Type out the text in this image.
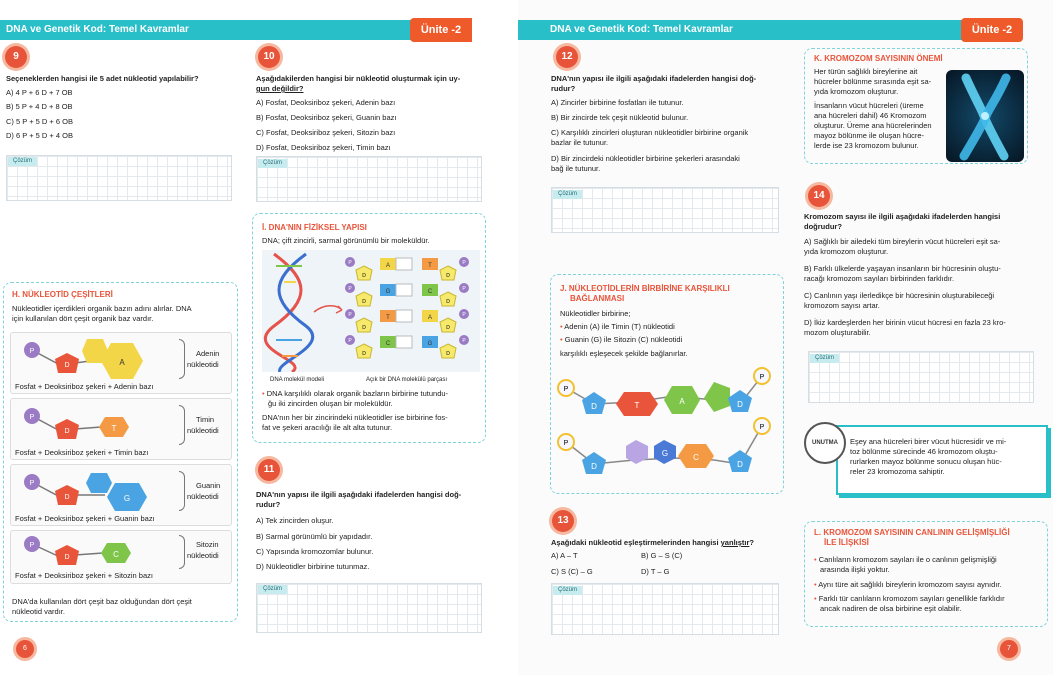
DNA ve Genetik Kod: Temel Kavramlar	Ünite -2
9
Seçeneklerden hangisi ile 5 adet nükleotid yapılabilir?
A) 4 P + 6 D + 7 OB
B) 5 P + 4 D + 8 OB
C) 5 P + 5 D + 6 OB
D) 6 P + 5 D + 4 OB
Çözüm
10
Aşağıdakilerden hangisi bir nükleotid oluşturmak için uy-
gun değildir?
A) Fosfat, Deoksiriboz şekeri, Adenin bazı
B) Fosfat, Deoksiriboz şekeri, Guanin bazı
C) Fosfat, Deoksiriboz şekeri, Sitozin bazı
D) Fosfat, Deoksiriboz şekeri, Timin bazı
Çözüm
H. NÜKLEOTİD ÇEŞİTLERİ
Nükleotidler içerdikleri organik bazın adını alırlar. DNA
için kullanılan dört çeşit organik baz vardır.
P
D	A
Adenin
nükleotidi
Fosfat + Deoksiriboz şekeri + Adenin bazı
P
D	T
Timin
nükleotidi
Fosfat + Deoksiriboz şekeri + Timin bazı
P
D	G
Guanin
nükleotidi
Fosfat + Deoksiriboz şekeri + Guanin bazı
P
D	C
Sitozin
nükleotidi
Fosfat + Deoksiriboz şekeri + Sitozin bazı
DNA'da kullanılan dört çeşit baz olduğundan dört çeşit
nükleotid vardır.
İ. DNA'NIN FİZİKSEL YAPISI
DNA; çift zincirli, sarmal görünümlü bir moleküldür.
P
D
A	T
D
P
P
D
G	C
D
P
P
D
T	A
D
P
P
D
C	G
D
P
DNA molekül modeli	Açık bir DNA molekülü parçası
• DNA karşılıklı olarak organik bazların birbirine tutundu-
ğu iki zincirden oluşan bir moleküldür.
DNA'nın her bir zincirindeki nükleotidler ise birbirine fos-
fat ve şekeri aracılığı ile alt alta tutunur.
11
DNA'nın yapısı ile ilgili aşağıdaki ifadelerden hangisi doğ-
rudur?
A) Tek zincirden oluşur.
B) Sarmal görünümlü bir yapıdadır.
C) Yapısında kromozomlar bulunur.
D) Nükleotidler birbirine tutunmaz.
Çözüm
6
DNA ve Genetik Kod: Temel Kavramlar	Ünite -2
12
DNA'nın yapısı ile ilgili aşağıdaki ifadelerden hangisi doğ-
rudur?
A) Zincirler birbirine fosfatları ile tutunur.
B) Bir zincirde tek çeşit nükleotid bulunur.
C) Karşılıklı zincirleri oluşturan nükleotidler birbirine organik
bazlar ile tutunur.
D) Bir zincirdeki nükleotidler birbirine şekerleri arasındaki
bağ ile tutunur.
Çözüm
K. KROMOZOM SAYISININ ÖNEMİ
Her türün sağlıklı bireylerine ait
hücreler bölünme sırasında eşit sa-
yıda kromozom oluşturur.
İnsanların vücut hücreleri (üreme
ana hücreleri dahil) 46 Kromozom
oluşturur. Üreme ana hücrelerinden
mayoz bölünme ile oluşan hücre-
lerde ise 23 kromozom bulunur.
14
Kromozom sayısı ile ilgili aşağıdaki ifadelerden hangisi
doğrudur?
A) Sağlıklı bir ailedeki tüm bireylerin vücut hücreleri eşit sa-
yıda kromozom oluşturur.
B) Farklı ülkelerde yaşayan insanların bir hücresinin oluştu-
racağı kromozom sayıları birbirinden farklıdır.
C) Canlının yaşı ilerledikçe bir hücresinin oluşturabileceği
kromozom sayısı artar.
D) İkiz kardeşlerden her birinin vücut hücresi en fazla 23 kro-
mozom oluşturabilir.
Çözüm
J. NÜKLEOTİDLERİN BİRBİRİNE KARŞILIKLI
BAĞLANMASI
Nükleotidler birbirine;
• Adenin (A) ile Timin (T) nükleotidi
• Guanin (G) ile Sitozin (C) nükleotidi
karşılıklı eşleşecek şekilde bağlanırlar.
P
P
P
P
D	T	A	D
D
G	C
D
UNUTMA	Eşey ana hücreleri birer vücut hücresidir ve mi-
toz bölünme sürecinde 46 kromozom oluştu-
rurlarken mayoz bölünme sonucu oluşan hüc-
reler 23 kromozoma sahiptir.
13
Aşağıdaki nükleotid eşleştirmelerinden hangisi yanlıştır?
A) A – T	B) G – S (C)
C) S (C) – G	D) T – G
Çözüm
L. KROMOZOM SAYISININ CANLININ GELİŞMİŞLİĞİ
İLE İLİŞKİSİ
• Canlıların kromozom sayıları ile o canlının gelişmişliği
arasında ilişki yoktur.
• Aynı türe ait sağlıklı bireylerin kromozom sayısı aynıdır.
• Farklı tür canlıların kromozom sayıları genellikle farklıdır
ancak nadiren de olsa birbirine eşit olabilir.
7
